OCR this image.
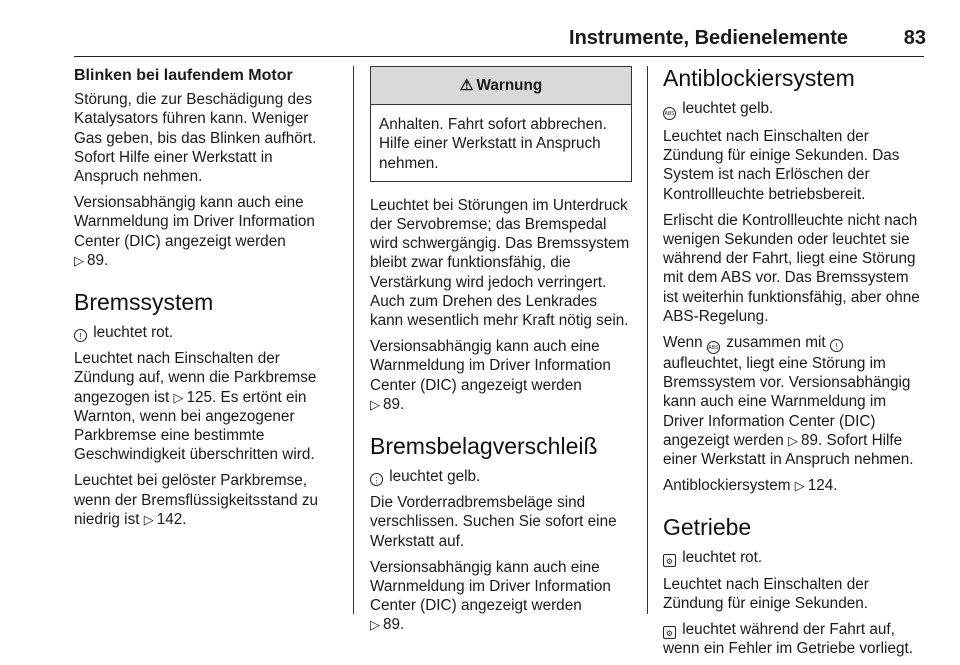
Instrumente, Bedienelemente	83
Blinken bei laufendem Motor

Störung, die zur Beschädigung des Katalysators führen kann. Weniger Gas geben, bis das Blinken aufhört. Sofort Hilfe einer Werkstatt in Anspruch nehmen.

Versionsabhängig kann auch eine Warnmeldung im Driver Information Center (DIC) angezeigt werden
▷ 89.

Bremssystem

! leuchtet rot.

Leuchtet nach Einschalten der Zündung auf, wenn die Parkbremse angezogen ist ▷ 125. Es ertönt ein Warnton, wenn bei angezogener Parkbremse eine bestimmte Geschwindigkeit überschritten wird.

Leuchtet bei gelöster Parkbremse, wenn der Bremsflüssigkeitsstand zu niedrig ist ▷ 142.

⚠ Warnung
Anhalten. Fahrt sofort abbrechen. Hilfe einer Werkstatt in Anspruch nehmen.

Leuchtet bei Störungen im Unterdruck der Servobremse; das Bremspedal wird schwergängig. Das Bremssystem bleibt zwar funktionsfähig, die Verstärkung wird jedoch verringert. Auch zum Drehen des Lenkrades kann wesentlich mehr Kraft nötig sein.

Versionsabhängig kann auch eine Warnmeldung im Driver Information Center (DIC) angezeigt werden
▷ 89.

Bremsbelagverschleiß

⋮ leuchtet gelb.

Die Vorderradbremsbeläge sind verschlissen. Suchen Sie sofort eine Werkstatt auf.

Versionsabhängig kann auch eine Warnmeldung im Driver Information Center (DIC) angezeigt werden
▷ 89.

Antiblockiersystem

ABS leuchtet gelb.

Leuchtet nach Einschalten der Zündung für einige Sekunden. Das System ist nach Erlöschen der Kontrollleuchte betriebsbereit.

Erlischt die Kontrollleuchte nicht nach wenigen Sekunden oder leuchtet sie während der Fahrt, liegt eine Störung mit dem ABS vor. Das Bremssystem ist weiterhin funktionsfähig, aber ohne ABS-Regelung.

Wenn ABS zusammen mit ! aufleuchtet, liegt eine Störung im Bremssystem vor. Versionsabhängig kann auch eine Warnmeldung im Driver Information Center (DIC) angezeigt werden ▷ 89. Sofort Hilfe einer Werkstatt in Anspruch nehmen.

Antiblockiersystem ▷ 124.

Getriebe

⚙ leuchtet rot.

Leuchtet nach Einschalten der Zündung für einige Sekunden.

⚙ leuchtet während der Fahrt auf, wenn ein Fehler im Getriebe vorliegt.
